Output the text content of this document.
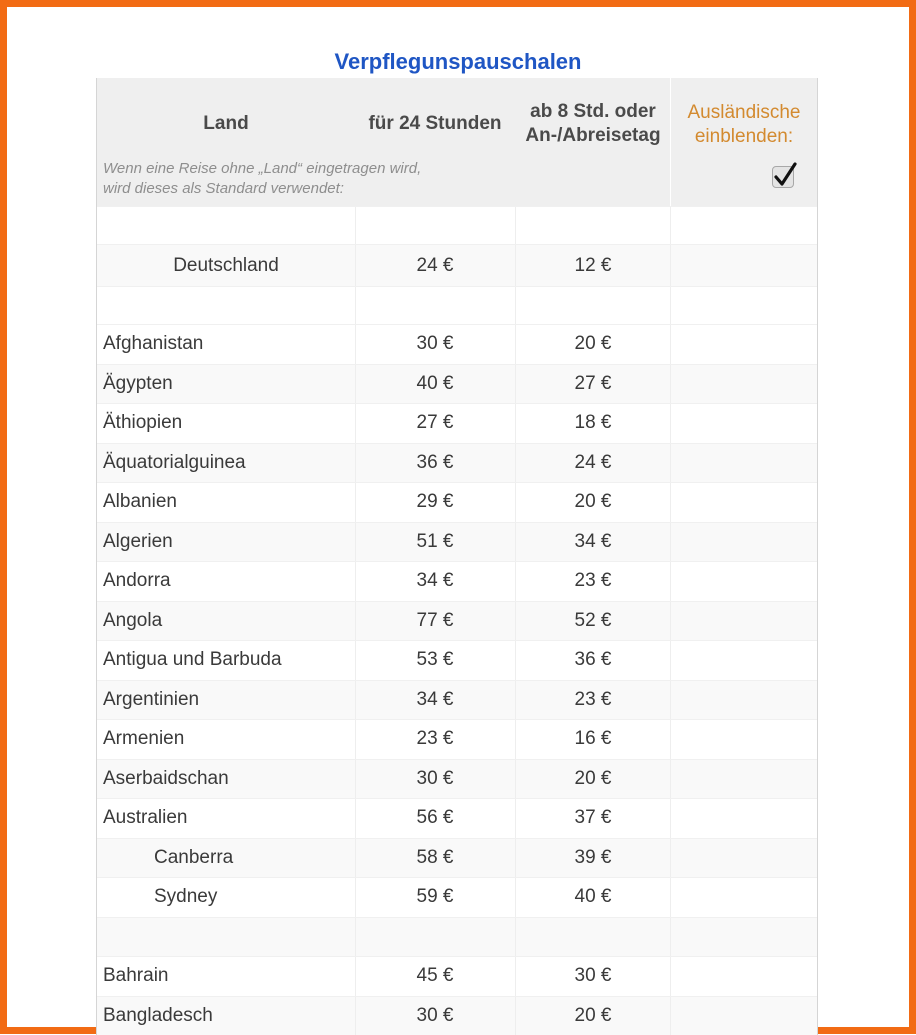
Verpflegunspauschalen
Land	für 24 Stunden
ab 8 Std. oder
An-/Abreisetag
Ausländische
einblenden:
Wenn eine Reise ohne „Land“ eingetragen wird,
wird dieses als Standard verwendet:
Deutschland	24 €	12 €
Afghanistan	30 €	20 €
Ägypten	40 €	27 €
Äthiopien	27 €	18 €
Äquatorialguinea	36 €	24 €
Albanien	29 €	20 €
Algerien	51 €	34 €
Andorra	34 €	23 €
Angola	77 €	52 €
Antigua und Barbuda	53 €	36 €
Argentinien	34 €	23 €
Armenien	23 €	16 €
Aserbaidschan	30 €	20 €
Australien	56 €	37 €
Canberra	58 €	39 €
Sydney	59 €	40 €
Bahrain	45 €	30 €
Bangladesch	30 €	20 €
